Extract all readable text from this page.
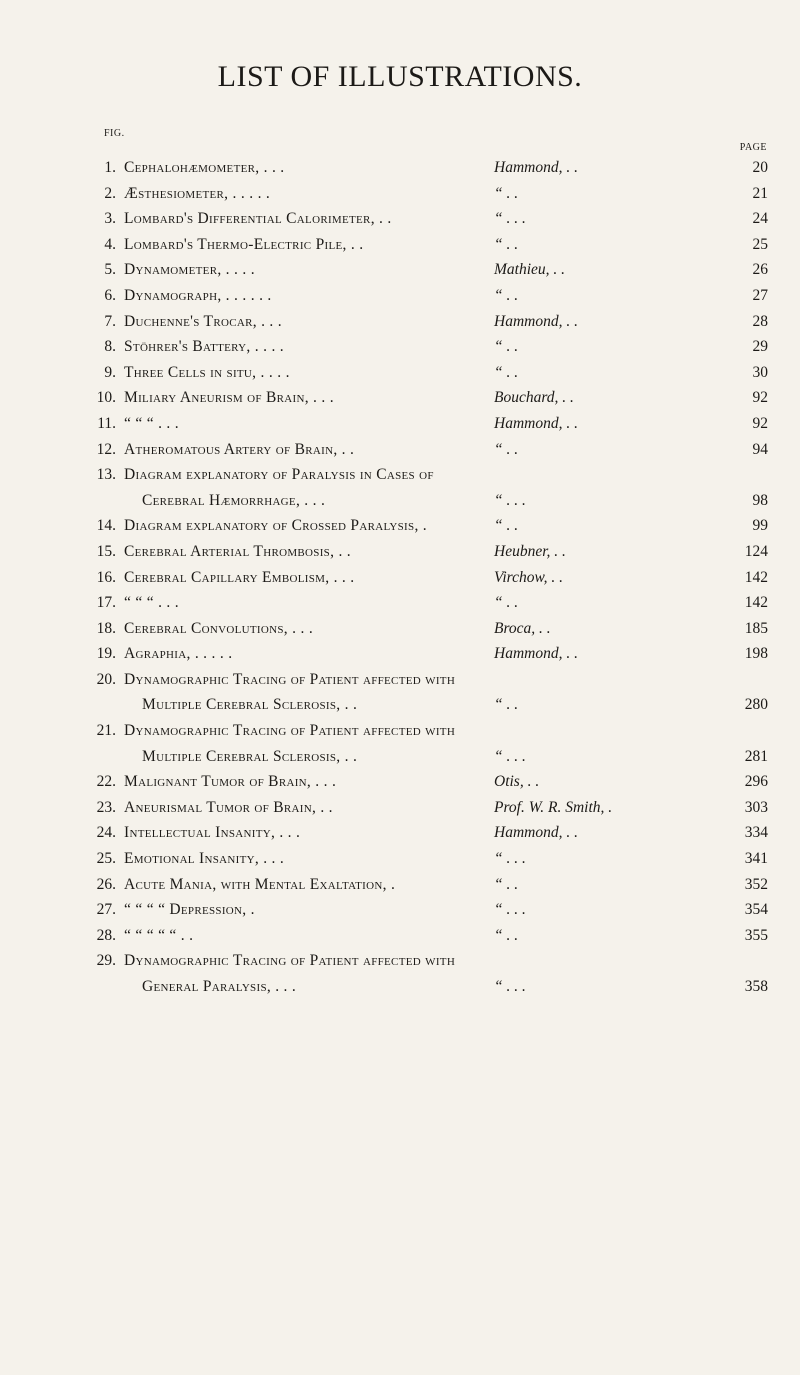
LIST OF ILLUSTRATIONS.
FIG.
PAGE
1. Cephalohæmometer, . . .	Hammond, . .	20
2. Æsthesiometer, . . . . .	“ . .	21
3. Lombard's Differential Calorimeter, . .	“ . . .	24
4. Lombard's Thermo-Electric Pile, . .	“ . .	25
5. Dynamometer, . . . .	Mathieu, . .	26
6. Dynamograph, . . . . . .	“ . .	27
7. Duchenne's Trocar, . . .	Hammond, . .	28
8. Stöhrer's Battery, . . . .	“ . .	29
9. Three Cells in situ, . . . .	“ . .	30
10. Miliary Aneurism of Brain, . . .	Bouchard, . .	92
11. “ “ “ . . .	Hammond, . .	92
12. Atheromatous Artery of Brain, . .	“ . .	94
13. Diagram explanatory of Paralysis in Cases of
Cerebral Hæmorrhage, . . .	“ . . .	98
14. Diagram explanatory of Crossed Paralysis, .	“ . .	99
15. Cerebral Arterial Thrombosis, . .	Heubner, . .	124
16. Cerebral Capillary Embolism, . . .	Virchow, . .	142
17. “ “ “ . . .	“ . .	142
18. Cerebral Convolutions, . . .	Broca, . .	185
19. Agraphia, . . . . .	Hammond, . .	198
20. Dynamographic Tracing of Patient affected with
Multiple Cerebral Sclerosis, . .	“ . .	280
21. Dynamographic Tracing of Patient affected with
Multiple Cerebral Sclerosis, . .	“ . . .	281
22. Malignant Tumor of Brain, . . .	Otis, . .	296
23. Aneurismal Tumor of Brain, . .	Prof. W. R. Smith, .	303
24. Intellectual Insanity, . . .	Hammond, . .	334
25. Emotional Insanity, . . .	“ . . .	341
26. Acute Mania, with Mental Exaltation, .	“ . .	352
27. “ “ “ “ Depression, .	“ . . .	354
28. “ “ “ “ “ . .	“ . .	355
29. Dynamographic Tracing of Patient affected with
General Paralysis, . . .	“ . . .	358
